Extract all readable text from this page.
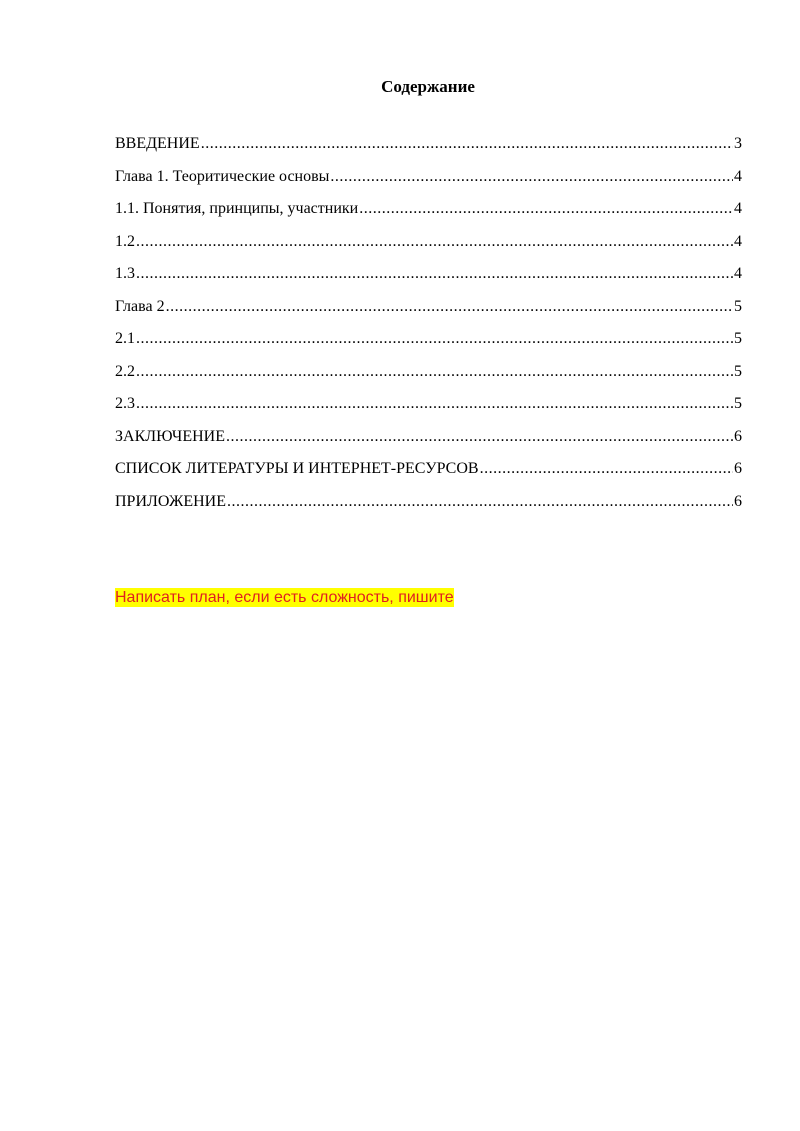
Содержание
ВВЕДЕНИЕ .....	3
Глава 1. Теоритические основы .....	4
1.1. Понятия, принципы, участники .....	4
1.2 .....	4
1.3 .....	4
Глава 2 .....	5
2.1 .....	5
2.2 .....	5
2.3 .....	5
ЗАКЛЮЧЕНИЕ .....	6
СПИСОК ЛИТЕРАТУРЫ И ИНТЕРНЕТ-РЕСУРСОВ .....	6
ПРИЛОЖЕНИЕ .....	6
Написать план, если есть сложность, пишите
